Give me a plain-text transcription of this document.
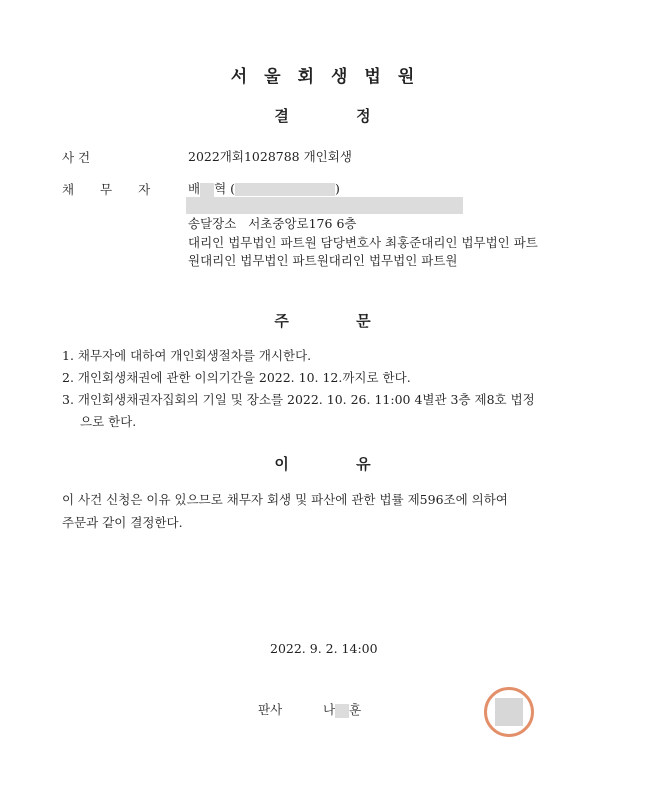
서울회생법원
결 정
사 건	2022개회1028788 개인회생
채 무 자	배 혁 (	)
송달장소 서초중앙로176 6층
대리인 법무법인 파트원 담당변호사 최홍준대리인 법무법인 파트
원대리인 법무법인 파트원대리인 법무법인 파트원
주 문
1. 채무자에 대하여 개인회생절차를 개시한다.
2. 개인회생채권에 관한 이의기간을 2022. 10. 12.까지로 한다.
3. 개인회생채권자집회의 기일 및 장소를 2022. 10. 26. 11:00 4별관 3층 제8호 법정
으로 한다.
이 유
이 사건 신청은 이유 있으므로 채무자 회생 및 파산에 관한 법률 제596조에 의하여
주문과 같이 결정한다.
2022. 9. 2. 14:00
판사	나 훈
